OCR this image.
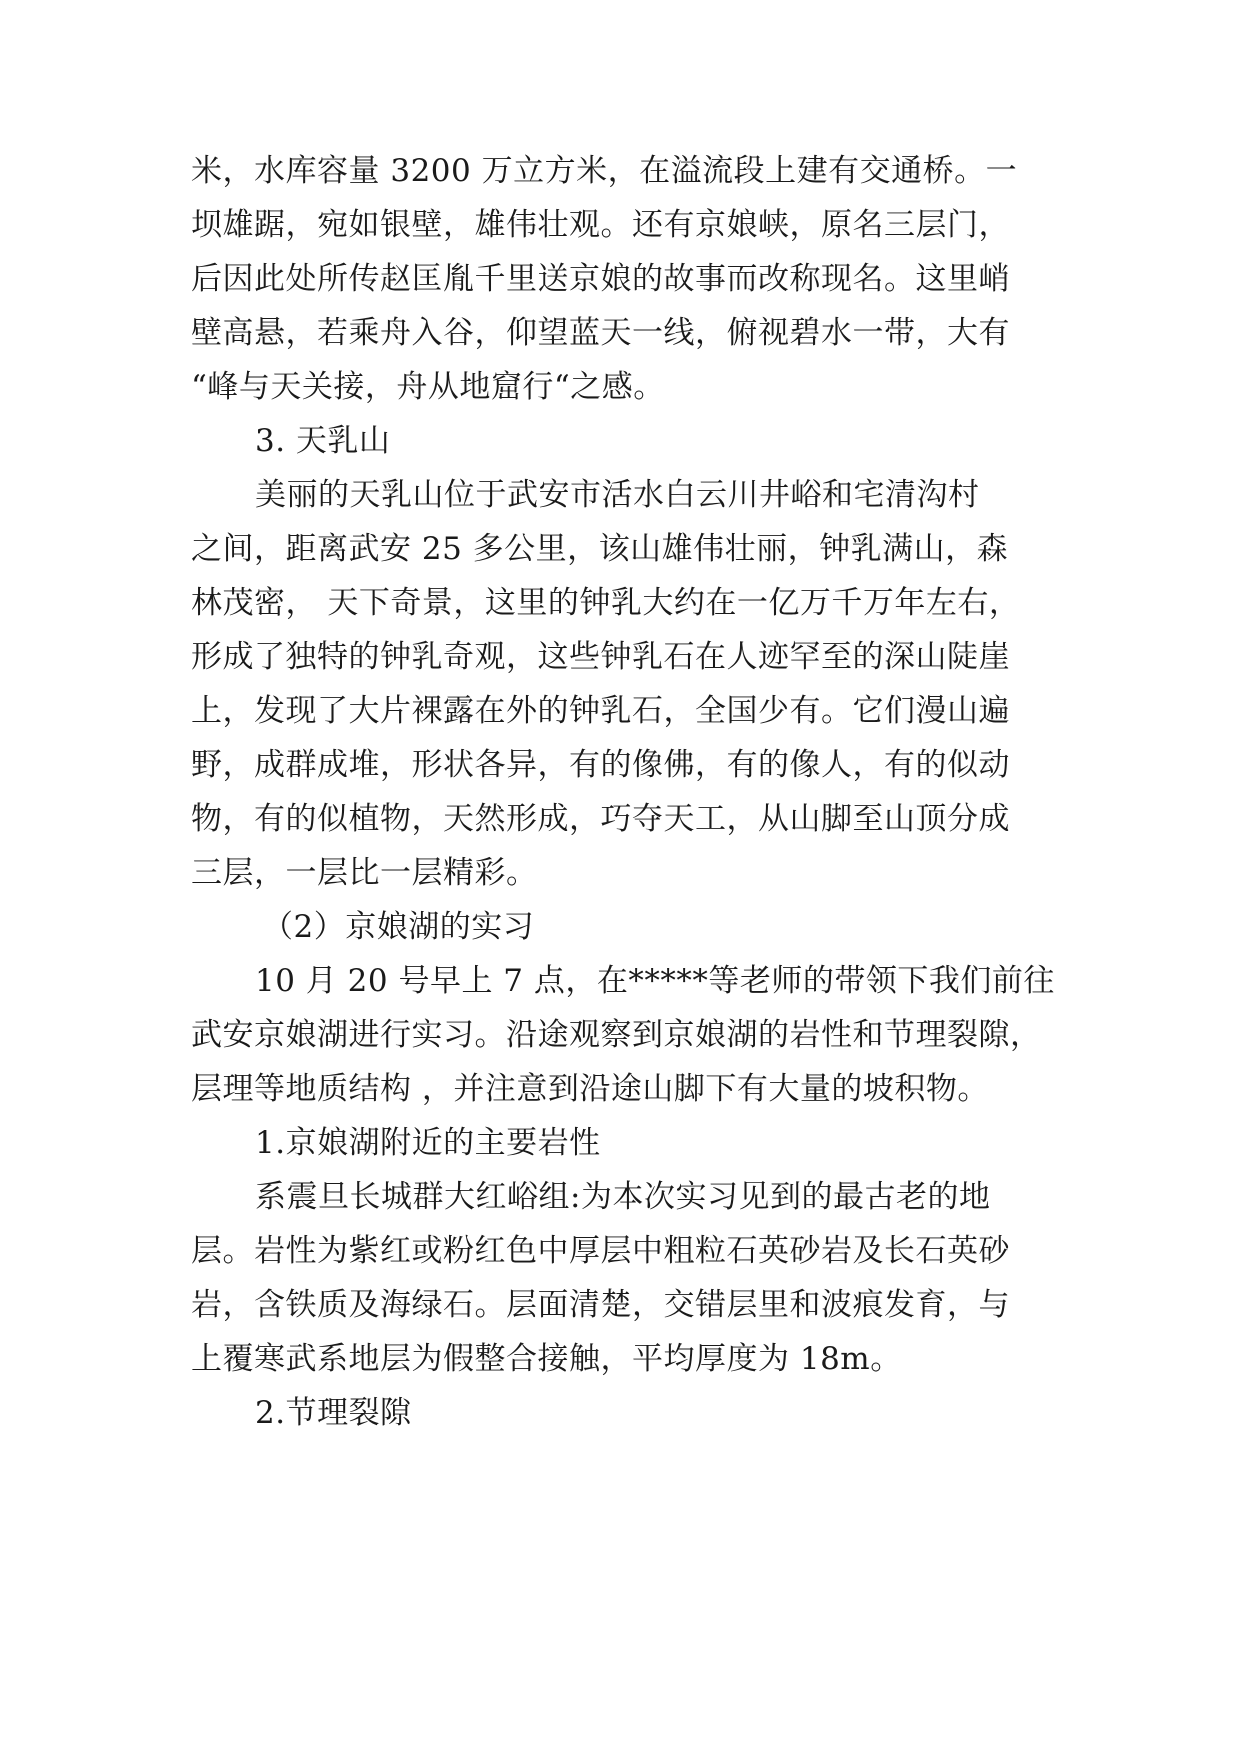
米，水库容量 3200 万立方米，在溢流段上建有交通桥。一
坝雄踞，宛如银壁，雄伟壮观。还有京娘峡，原名三层门，
后因此处所传赵匡胤千里送京娘的故事而改称现名。这里峭
壁高悬，若乘舟入谷，仰望蓝天一线，俯视碧水一带，大有
“峰与天关接，舟从地窟行“之感。
3. 天乳山
美丽的天乳山位于武安市活水白云川井峪和宅清沟村
之间，距离武安 25 多公里，该山雄伟壮丽，钟乳满山，森
林茂密， 天下奇景，这里的钟乳大约在一亿万千万年左右，
形成了独特的钟乳奇观，这些钟乳石在人迹罕至的深山陡崖
上，发现了大片裸露在外的钟乳石，全国少有。它们漫山遍
野，成群成堆，形状各异，有的像佛，有的像人，有的似动
物，有的似植物，天然形成，巧夺天工，从山脚至山顶分成
三层，一层比一层精彩。
（2）京娘湖的实习
10 月 20 号早上 7 点，在*****等老师的带领下我们前往
武安京娘湖进行实习。沿途观察到京娘湖的岩性和节理裂隙，
层理等地质结构 ，并注意到沿途山脚下有大量的坡积物。
1.京娘湖附近的主要岩性
系震旦长城群大红峪组:为本次实习见到的最古老的地
层。岩性为紫红或粉红色中厚层中粗粒石英砂岩及长石英砂
岩，含铁质及海绿石。层面清楚，交错层里和波痕发育，与
上覆寒武系地层为假整合接触，平均厚度为 18m。
2.节理裂隙
